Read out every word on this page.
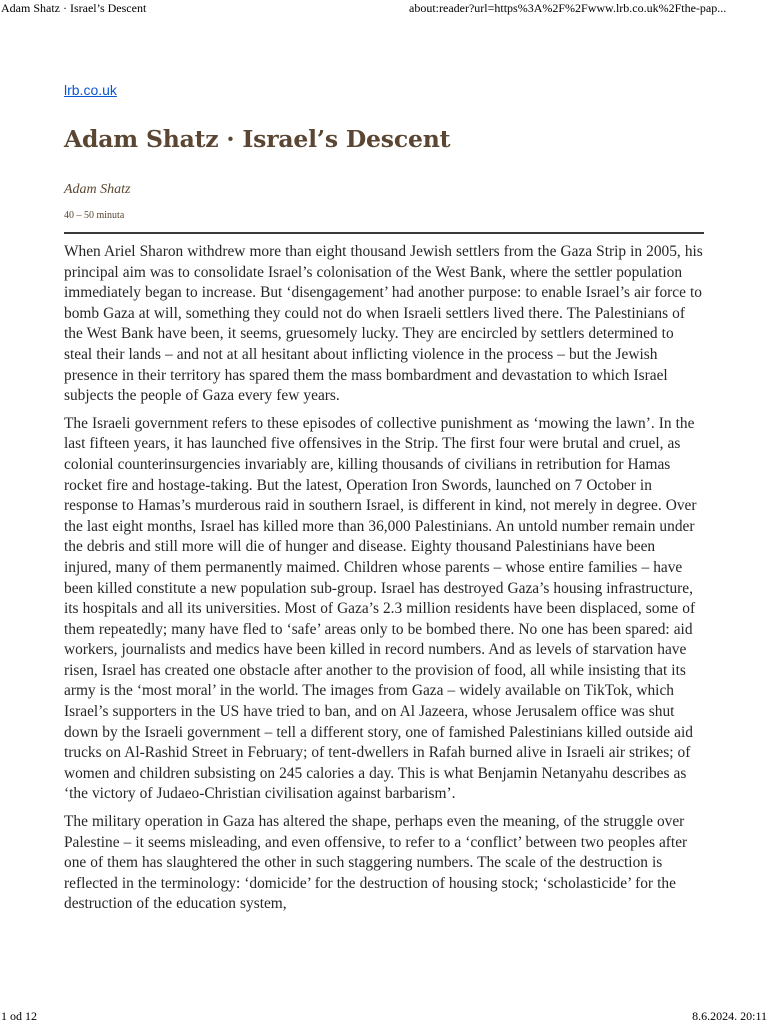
Adam Shatz · Israel’s Descent	about:reader?url=https%3A%2F%2Fwww.lrb.co.uk%2Fthe-pap...
lrb.co.uk
Adam Shatz · Israel’s Descent
Adam Shatz
40 – 50 minuta

When Ariel Sharon withdrew more than eight thousand Jewish settlers from the Gaza Strip in 2005, his principal aim was to consolidate Israel’s colonisation of the West Bank, where the settler population immediately began to increase. But ‘disengagement’ had another purpose: to enable Israel’s air force to bomb Gaza at will, something they could not do when Israeli settlers lived there. The Palestinians of the West Bank have been, it seems, gruesomely lucky. They are encircled by settlers determined to steal their lands – and not at all hesitant about inflicting violence in the process – but the Jewish presence in their territory has spared them the mass bombardment and devastation to which Israel subjects the people of Gaza every few years.

The Israeli government refers to these episodes of collective punishment as ‘mowing the lawn’. In the last fifteen years, it has launched five offensives in the Strip. The first four were brutal and cruel, as colonial counterinsurgencies invariably are, killing thousands of civilians in retribution for Hamas rocket fire and hostage-taking. But the latest, Operation Iron Swords, launched on 7 October in response to Hamas’s murderous raid in southern Israel, is different in kind, not merely in degree. Over the last eight months, Israel has killed more than 36,000 Palestinians. An untold number remain under the debris and still more will die of hunger and disease. Eighty thousand Palestinians have been injured, many of them permanently maimed. Children whose parents – whose entire families – have been killed constitute a new population sub-group. Israel has destroyed Gaza’s housing infrastructure, its hospitals and all its universities. Most of Gaza’s 2.3 million residents have been displaced, some of them repeatedly; many have fled to ‘safe’ areas only to be bombed there. No one has been spared: aid workers, journalists and medics have been killed in record numbers. And as levels of starvation have risen, Israel has created one obstacle after another to the provision of food, all while insisting that its army is the ‘most moral’ in the world. The images from Gaza – widely available on TikTok, which Israel’s supporters in the US have tried to ban, and on Al Jazeera, whose Jerusalem office was shut down by the Israeli government – tell a different story, one of famished Palestinians killed outside aid trucks on Al-Rashid Street in February; of tent-dwellers in Rafah burned alive in Israeli air strikes; of women and children subsisting on 245 calories a day. This is what Benjamin Netanyahu describes as ‘the victory of Judaeo-Christian civilisation against barbarism’.

The military operation in Gaza has altered the shape, perhaps even the meaning, of the struggle over Palestine – it seems misleading, and even offensive, to refer to a ‘conflict’ between two peoples after one of them has slaughtered the other in such staggering numbers. The scale of the destruction is reflected in the terminology: ‘domicide’ for the destruction of housing stock; ‘scholasticide’ for the destruction of the education system,

1 od 12	8.6.2024. 20:11
